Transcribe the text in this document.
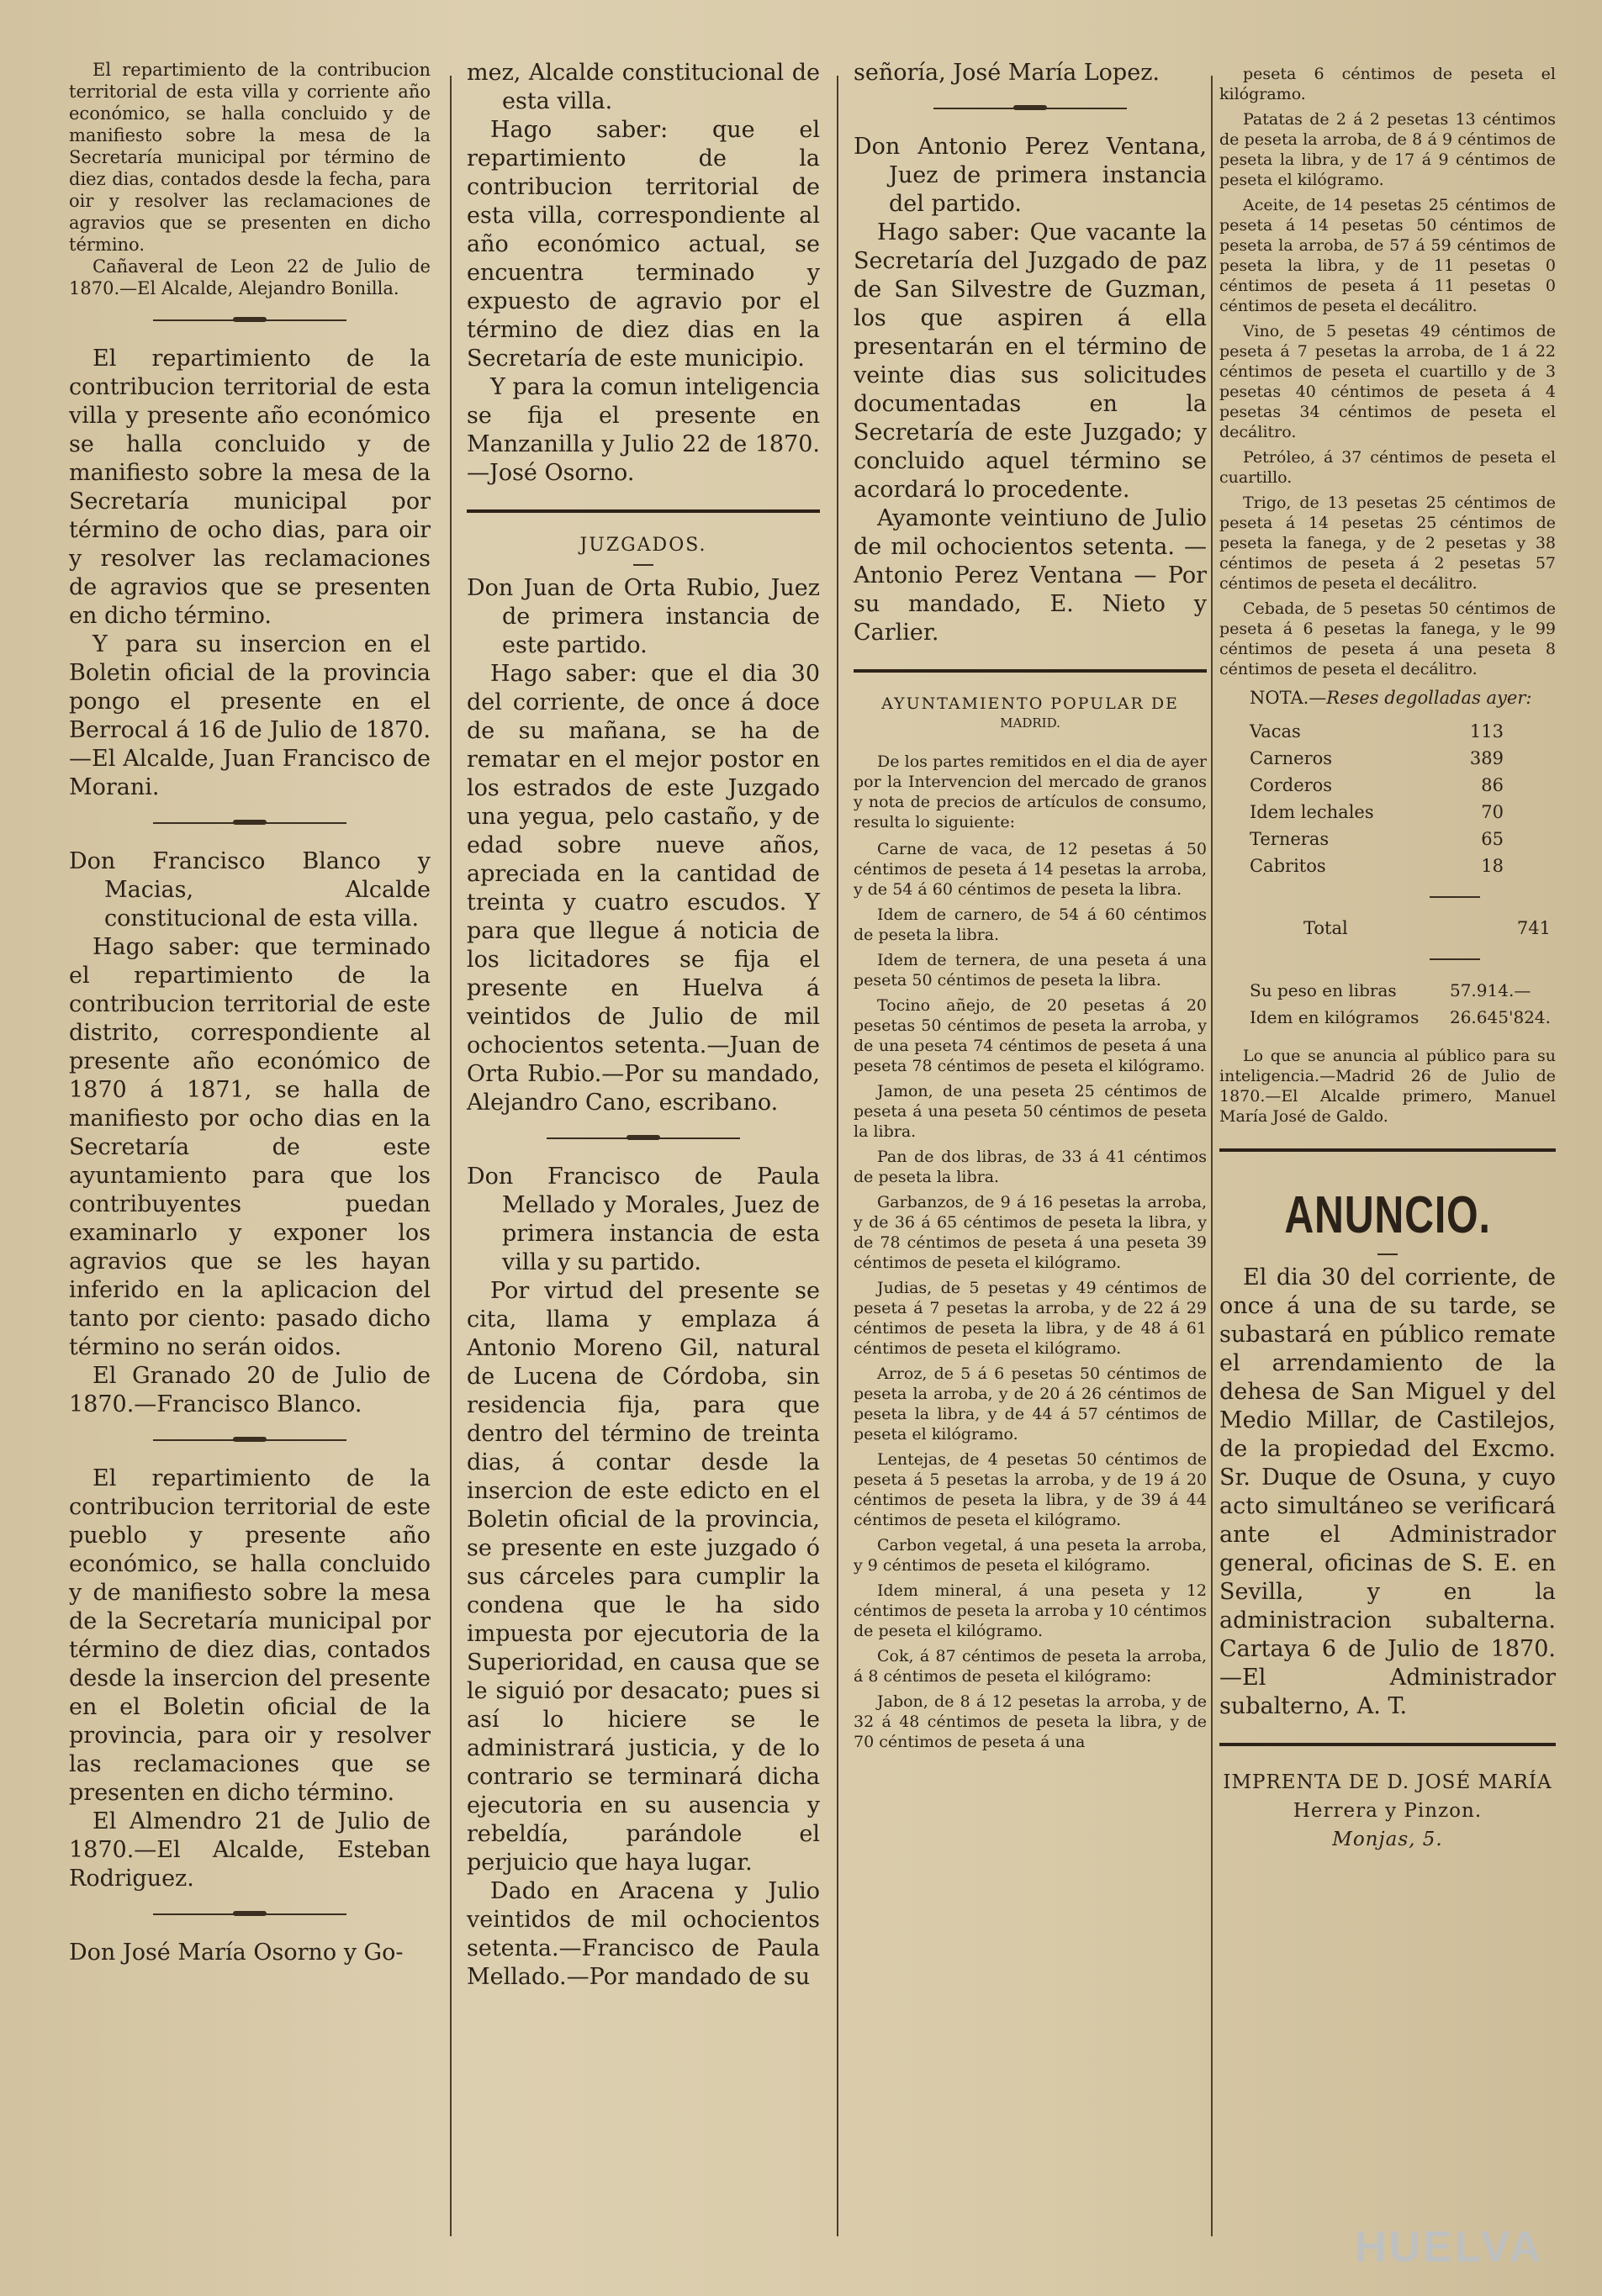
El repartimiento de la contribucion territorial de esta villa y corriente año económico, se halla concluido y de manifiesto sobre la mesa de la Secretaría municipal por término de diez dias, contados desde la fecha, para oir y resolver las reclamaciones de agravios que se presenten en dicho término.

Cañaveral de Leon 22 de Julio de 1870.—El Alcalde, Alejandro Bonilla.

El repartimiento de la contribucion territorial de esta villa y presente año económico se halla concluido y de manifiesto sobre la mesa de la Secretaría municipal por término de ocho dias, para oir y resolver las reclamaciones de agravios que se presenten en dicho término.

Y para su insercion en el Boletin oficial de la provincia pongo el presente en el Berrocal á 16 de Julio de 1870. —El Alcalde, Juan Francisco de Morani.

Don Francisco Blanco y Macias, Alcalde constitucional de esta villa.

Hago saber: que terminado el repartimiento de la contribucion territorial de este distrito, correspondiente al presente año económico de 1870 á 1871, se halla de manifiesto por ocho dias en la Secretaría de este ayuntamiento para que los contribuyentes puedan examinarlo y exponer los agravios que se les hayan inferido en la aplicacion del tanto por ciento: pasado dicho término no serán oidos.

El Granado 20 de Julio de 1870.—Francisco Blanco.

El repartimiento de la contribucion territorial de este pueblo y presente año económico, se halla concluido y de manifiesto sobre la mesa de la Secretaría municipal por término de diez dias, contados desde la insercion del presente en el Boletin oficial de la provincia, para oir y resolver las reclamaciones que se presenten en dicho término.

El Almendro 21 de Julio de 1870.—El Alcalde, Esteban Rodriguez.

Don José María Osorno y Go-

mez, Alcalde constitucional de esta villa.

Hago saber: que el repartimiento de la contribucion territorial de esta villa, correspondiente al año económico actual, se encuentra terminado y expuesto de agravio por el término de diez dias en la Secretaría de este municipio.

Y para la comun inteligencia se fija el presente en Manzanilla y Julio 22 de 1870.—José Osorno.

JUZGADOS.

Don Juan de Orta Rubio, Juez de primera instancia de este partido.

Hago saber: que el dia 30 del corriente, de once á doce de su mañana, se ha de rematar en el mejor postor en los estrados de este Juzgado una yegua, pelo castaño, y de edad sobre nueve años, apreciada en la cantidad de treinta y cuatro escudos. Y para que llegue á noticia de los licitadores se fija el presente en Huelva á veintidos de Julio de mil ochocientos setenta.—Juan de Orta Rubio.—Por su mandado, Alejandro Cano, escribano.

Don Francisco de Paula Mellado y Morales, Juez de primera instancia de esta villa y su partido.

Por virtud del presente se cita, llama y emplaza á Antonio Moreno Gil, natural de Lucena de Córdoba, sin residencia fija, para que dentro del término de treinta dias, á contar desde la insercion de este edicto en el Boletin oficial de la provincia, se presente en este juzgado ó sus cárceles para cumplir la condena que le ha sido impuesta por ejecutoria de la Superioridad, en causa que se le siguió por desacato; pues si así lo hiciere se le administrará justicia, y de lo contrario se terminará dicha ejecutoria en su ausencia y rebeldía, parándole el perjuicio que haya lugar.

Dado en Aracena y Julio veintidos de mil ochocientos setenta.—Francisco de Paula Mellado.—Por mandado de su

señoría, José María Lopez.

Don Antonio Perez Ventana, Juez de primera instancia del partido.

Hago saber: Que vacante la Secretaría del Juzgado de paz de San Silvestre de Guzman, los que aspiren á ella presentarán en el término de veinte dias sus solicitudes documentadas en la Secretaría de este Juzgado; y concluido aquel término se acordará lo procedente.

Ayamonte veintiuno de Julio de mil ochocientos setenta. —Antonio Perez Ventana — Por su mandado, E. Nieto y Carlier.

AYUNTAMIENTO POPULAR DE
MADRID.

De los partes remitidos en el dia de ayer por la Intervencion del mercado de granos y nota de precios de artículos de consumo, resulta lo siguiente:

Carne de vaca, de 12 pesetas á 50 céntimos de peseta á 14 pesetas la arroba, y de 54 á 60 céntimos de peseta la libra.

Idem de carnero, de 54 á 60 céntimos de peseta la libra.

Idem de ternera, de una peseta á una peseta 50 céntimos de peseta la libra.

Tocino añejo, de 20 pesetas á 20 pesetas 50 céntimos de peseta la arroba, y de una peseta 74 céntimos de peseta á una peseta 78 céntimos de peseta el kilógramo.

Jamon, de una peseta 25 céntimos de peseta á una peseta 50 céntimos de peseta la libra.

Pan de dos libras, de 33 á 41 céntimos de peseta la libra.

Garbanzos, de 9 á 16 pesetas la arroba, y de 36 á 65 céntimos de peseta la libra, y de 78 céntimos de peseta á una peseta 39 céntimos de peseta el kilógramo.

Judias, de 5 pesetas y 49 céntimos de peseta á 7 pesetas la arroba, y de 22 á 29 céntimos de peseta la libra, y de 48 á 61 céntimos de peseta el kilógramo.

Arroz, de 5 á 6 pesetas 50 céntimos de peseta la arroba, y de 20 á 26 céntimos de peseta la libra, y de 44 á 57 céntimos de peseta el kilógramo.

Lentejas, de 4 pesetas 50 céntimos de peseta á 5 pesetas la arroba, y de 19 á 20 céntimos de peseta la libra, y de 39 á 44 céntimos de peseta el kilógramo.

Carbon vegetal, á una peseta la arroba, y 9 céntimos de peseta el kilógramo.

Idem mineral, á una peseta y 12 céntimos de peseta la arroba y 10 céntimos de peseta el kilógramo.

Cok, á 87 céntimos de peseta la arroba, á 8 céntimos de peseta el kilógramo:

Jabon, de 8 á 12 pesetas la arroba, y de 32 á 48 céntimos de peseta la libra, y de 70 céntimos de peseta á una

peseta 6 céntimos de peseta el kilógramo.

Patatas de 2 á 2 pesetas 13 céntimos de peseta la arroba, de 8 á 9 céntimos de peseta la libra, y de 17 á 9 céntimos de peseta el kilógramo.

Aceite, de 14 pesetas 25 céntimos de peseta á 14 pesetas 50 céntimos de peseta la arroba, de 57 á 59 céntimos de peseta la libra, y de 11 pesetas 0 céntimos de peseta á 11 pesetas 0 céntimos de peseta el decálitro.

Vino, de 5 pesetas 49 céntimos de peseta á 7 pesetas la arroba, de 1 á 22 céntimos de peseta el cuartillo y de 3 pesetas 40 céntimos de peseta á 4 pesetas 34 céntimos de peseta el decálitro.

Petróleo, á 37 céntimos de peseta el cuartillo.

Trigo, de 13 pesetas 25 céntimos de peseta á 14 pesetas 25 céntimos de peseta la fanega, y de 2 pesetas y 38 céntimos de peseta á 2 pesetas 57 céntimos de peseta el decálitro.

Cebada, de 5 pesetas 50 céntimos de peseta á 6 pesetas la fanega, y le 99 céntimos de peseta á una peseta 8 céntimos de peseta el decálitro.

NOTA.—Reses degolladas ayer:
Vacas	113
Carneros	389
Corderos	86
Idem lechales	70
Terneras	65
Cabritos	18
Total	741
Su peso en libras	57.914.—
Idem en kilógramos	26.645'824.

Lo que se anuncia al público para su inteligencia.—Madrid 26 de Julio de 1870.—El Alcalde primero, Manuel María José de Galdo.

ANUNCIO.

El dia 30 del corriente, de once á una de su tarde, se subastará en público remate el arrendamiento de la dehesa de San Miguel y del Medio Millar, de Castilejos, de la propiedad del Excmo. Sr. Duque de Osuna, y cuyo acto simultáneo se verificará ante el Administrador general, oficinas de S. E. en Sevilla, y en la administracion subalterna. Cartaya 6 de Julio de 1870. —El Administrador subalterno, A. T.

IMPRENTA DE D. JOSÉ MARÍA Herrera y Pinzon.
Monjas, 5.
HUELVA
